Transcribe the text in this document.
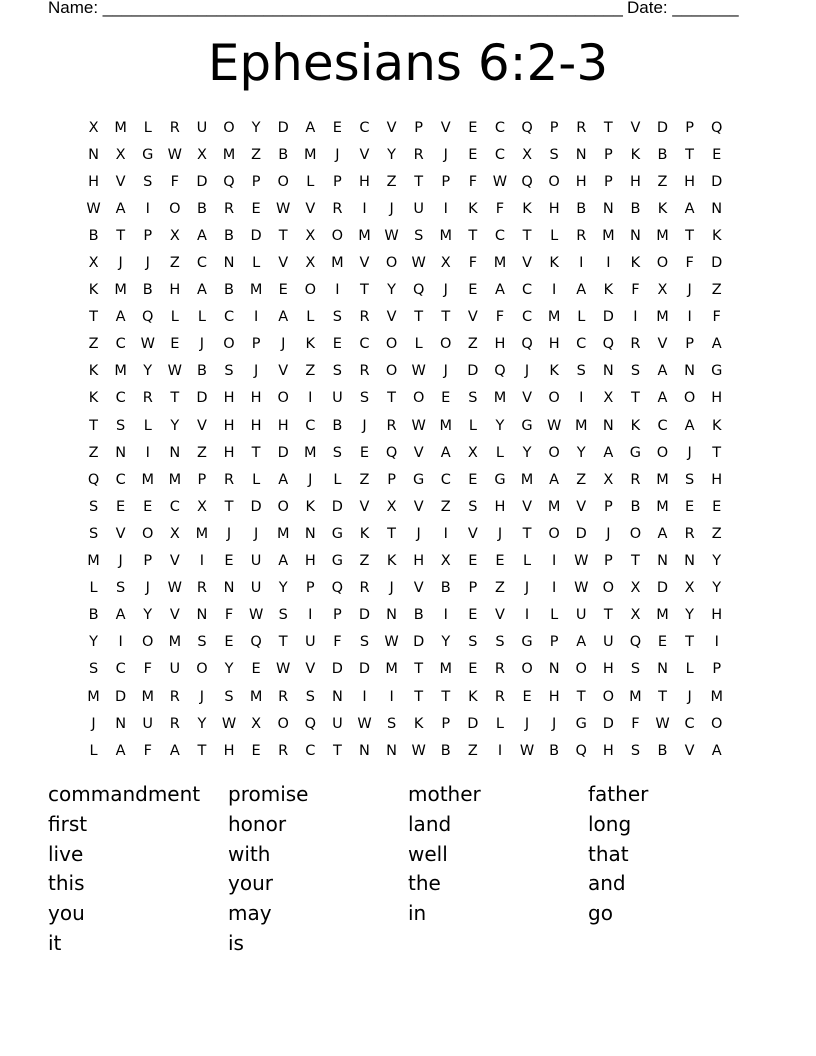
Name: _______________________________________________________ Date: _______
Ephesians 6:2-3
X	M	L	R	U	O	Y	D	A	E	C	V	P	V	E	C	Q	P	R	T	V	D	P	Q
N	X	G W	X	M	Z	B	M	J	V	Y	R	J	E	C	X	S	N	P	K	B	T	E
H	V	S	F	D	Q	P	O	L	P	H	Z	T	P	F	W Q	O	H	P	H	Z	H	D
W	A	I	O	B	R	E	W	V	R	I	J	U	I	K	F	K	H	B	N	B	K	A	N
B	T	P	X	A	B	D	T	X	O	M W	S	M	T	C	T	L	R	M	N	M	T	K
X	J	J	Z	C	N	L	V	X	M	V	O W	X	F	M	V	K	I	I	K	O	F	D
K	M	B	H	A	B	M	E	O	I	T	Y	Q	J	E	A	C	I	A	K	F	X	J	Z
T	A	Q	L	L	C	I	A	L	S	R	V	T	T	V	F	C	M	L	D	I	M	I	F
Z	C	W	E	J	O	P	J	K	E	C	O	L	O	Z	H	Q	H	C	Q	R	V	P	A
K	M	Y	W	B	S	J	V	Z	S	R	O W	J	D	Q	J	K	S	N	S	A	N	G
K	C	R	T	D	H	H	O	I	U	S	T	O	E	S	M	V	O	I	X	T	A	O	H
T	S	L	Y	V	H	H	H	C	B	J	R	W M	L	Y	G W M	N	K	C	A	K
Z	N	I	N	Z	H	T	D	M	S	E	Q	V	A	X	L	Y	O	Y	A	G	O	J	T
Q	C	M	M	P	R	L	A	J	L	Z	P	G	C	E	G	M	A	Z	X	R	M	S	H
S	E	E	C	X	T	D	O	K	D	V	X	V	Z	S	H	V	M	V	P	B	M	E	E
S	V	O	X	M	J	J	M	N	G	K	T	J	I	V	J	T	O	D	J	O	A	R	Z
M	J	P	V	I	E	U	A	H	G	Z	K	H	X	E	E	L	I	W	P	T	N	N	Y
L	S	J	W	R	N	U	Y	P	Q	R	J	V	B	P	Z	J	I	W O	X	D	X	Y
B	A	Y	V	N	F	W	S	I	P	D	N	B	I	E	V	I	L	U	T	X	M	Y	H
Y	I	O	M	S	E	Q	T	U	F	S	W D	Y	S	S	G	P	A	U	Q	E	T	I
S	C	F	U	O	Y	E	W	V	D	D	M	T	M	E	R	O	N	O	H	S	N	L	P
M	D	M	R	J	S	M	R	S	N	I	I	T	T	K	R	E	H	T	O	M	T	J	M
J	N	U	R	Y	W	X	O	Q	U	W	S	K	P	D	L	J	J	G	D	F	W	C	O
L	A	F	A	T	H	E	R	C	T	N	N	W	B	Z	I	W	B	Q	H	S	B	V	A
commandment	promise	mother	father
first	honor	land	long
live	with	well	that
this	your	the	and
you	may	in	go
it	is
